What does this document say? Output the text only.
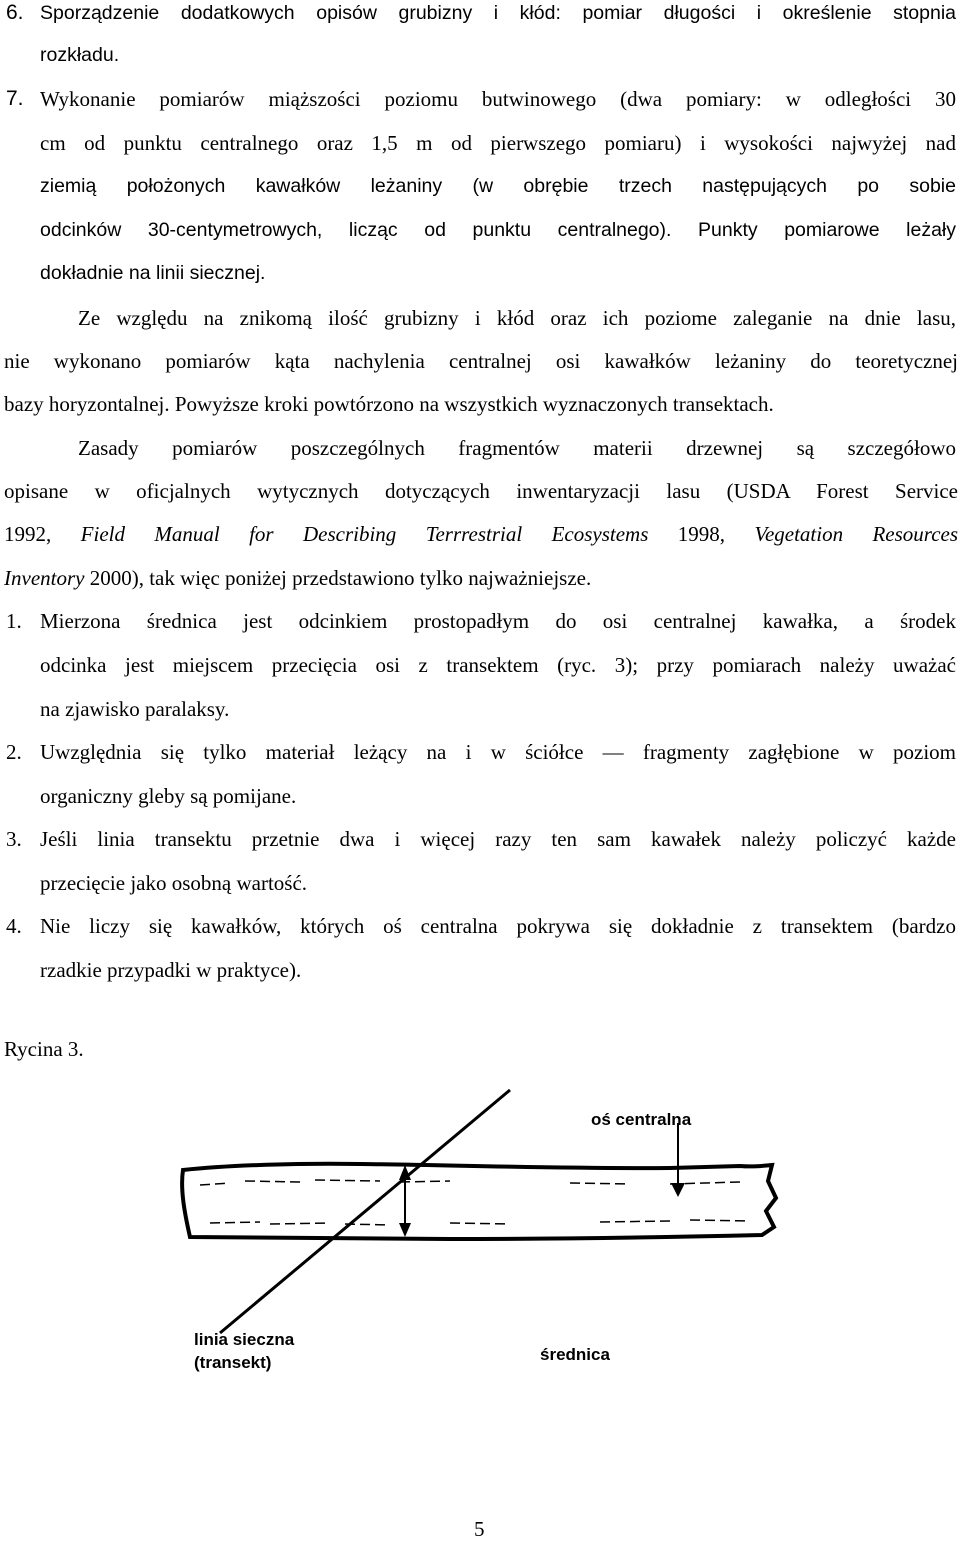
6. Sporządzenie dodatkowych opisów grubizny i kłód: pomiar długości i określenie stopnia
rozkładu.
7. Wykonanie pomiarów miąższości poziomu butwinowego (dwa pomiary: w odległości 30
cm od punktu centralnego oraz 1,5 m od pierwszego pomiaru) i wysokości najwyżej nad
ziemią położonych kawałków leżaniny (w obrębie trzech następujących po sobie
odcinków 30-centymetrowych, licząc od punktu centralnego). Punkty pomiarowe leżały
dokładnie na linii siecznej.
Ze względu na znikomą ilość grubizny i kłód oraz ich poziome zaleganie na dnie lasu,
nie wykonano pomiarów kąta nachylenia centralnej osi kawałków leżaniny do teoretycznej
bazy horyzontalnej. Powyższe kroki powtórzono na wszystkich wyznaczonych transektach.
Zasady pomiarów poszczególnych fragmentów materii drzewnej są szczegółowo
opisane w oficjalnych wytycznych dotyczących inwentaryzacji lasu (USDA Forest Service
1992, Field Manual for Describing Terrrestrial Ecosystems 1998, Vegetation Resources
Inventory 2000), tak więc poniżej przedstawiono tylko najważniejsze.
1. Mierzona średnica jest odcinkiem prostopadłym do osi centralnej kawałka, a środek
odcinka jest miejscem przecięcia osi z transektem (ryc. 3); przy pomiarach należy uważać
na zjawisko paralaksy.
2. Uwzględnia się tylko materiał leżący na i w ściółce — fragmenty zagłębione w poziom
organiczny gleby są pomijane.
3. Jeśli linia transektu przetnie dwa i więcej razy ten sam kawałek należy policzyć każde
przecięcie jako osobną wartość.
4. Nie liczy się kawałków, których oś centralna pokrywa się dokładnie z transektem (bardzo
rzadkie przypadki w praktyce).
Rycina 3.
oś centralna
linia sieczna
(transekt)	średnica
5
